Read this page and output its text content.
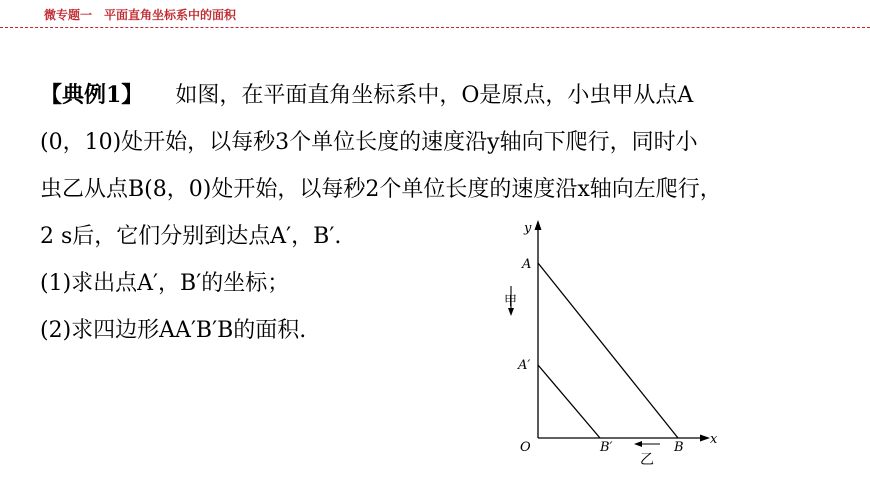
微专题一　平面直角坐标系中的面积
【典例1】 如图，在平面直角坐标系中，O是原点，小虫甲从点A
(0，10)处开始，以每秒3个单位长度的速度沿y轴向下爬行，同时小
虫乙从点B(8，0)处开始，以每秒2个单位长度的速度沿x轴向左爬行，
2 s后，它们分别到达点A′，B′.
(1)求出点A′，B′的坐标；
(2)求四边形AA′B′B的面积.
y
x
O
A
A′
B′	B
甲
乙
